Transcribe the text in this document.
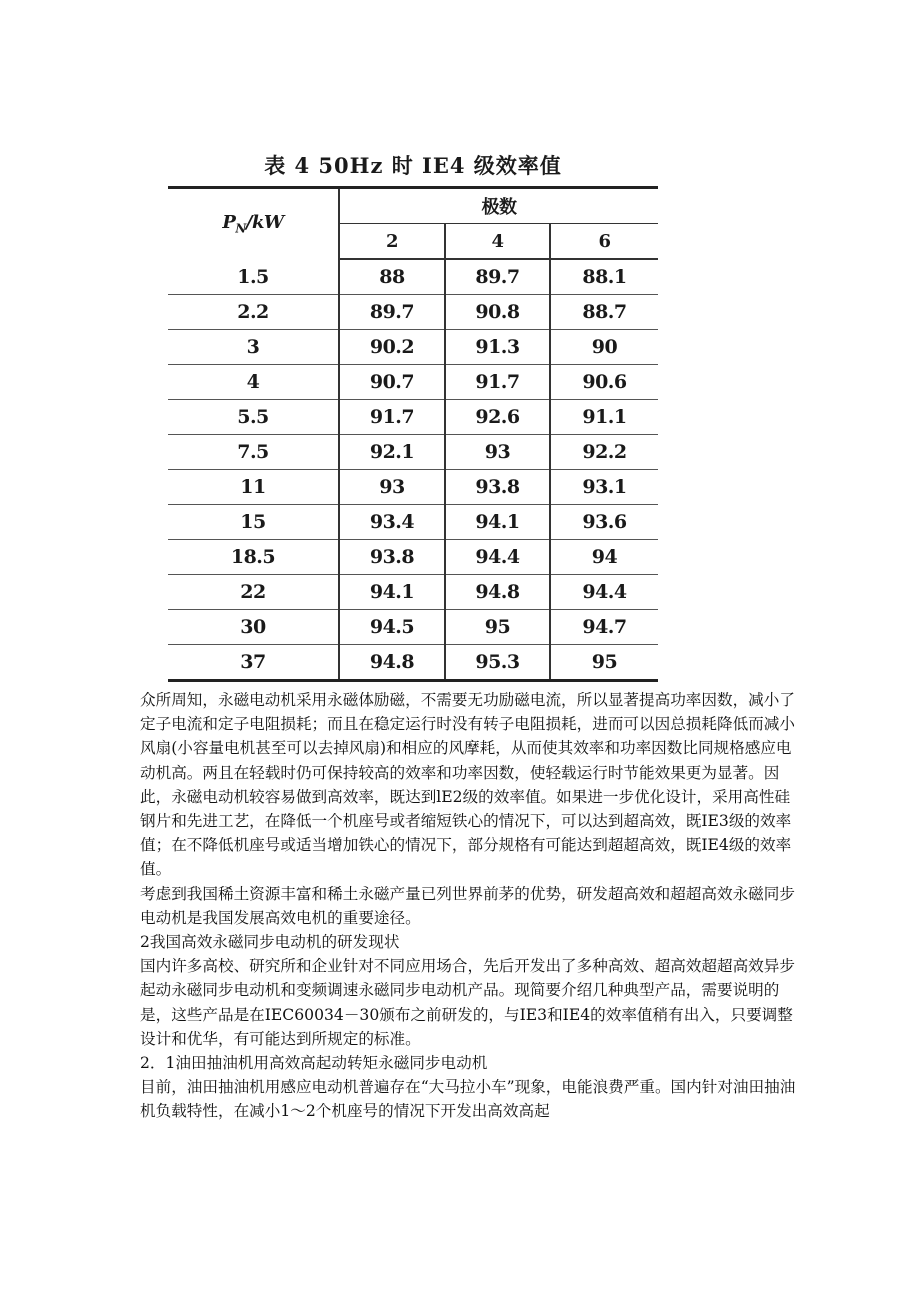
表 4 50Hz 时 IE4 级效率值
$P_N/kW$	极数		
	2	4	6
1.5	88	89.7	88.1
2.2	89.7	90.8	88.7
3	90.2	91.3	90
4	90.7	91.7	90.6
5.5	91.7	92.6	91.1
7.5	92.1	93	92.2
11	93	93.8	93.1
15	93.4	94.1	93.6
18.5	93.8	94.4	94
22	94.1	94.8	94.4
30	94.5	95	94.7
37	94.8	95.3	95

众所周知，永磁电动机采用永磁体励磁，不需要无功励磁电流，所以显著提高功率因数，减小了定子电流和定子电阻损耗；而且在稳定运行时没有转子电阻损耗，进而可以因总损耗降低而减小风扇(小容量电机甚至可以去掉风扇)和相应的风摩耗，从而使其效率和功率因数比同规格感应电动机高。两且在轻载时仍可保持较高的效率和功率因数，使轻载运行时节能效果更为显著。因此，永磁电动机较容易做到高效率，既达到lE2级的效率值。如果进一步优化设计，采用高性硅钢片和先进工艺，在降低一个机座号或者缩短铁心的情况下，可以达到超高效，既IE3级的效率值；在不降低机座号或适当增加铁心的情况下，部分规格有可能达到超超高效，既IE4级的效率值。

考虑到我国稀土资源丰富和稀土永磁产量已列世界前茅的优势，研发超高效和超超高效永磁同步电动机是我国发展高效电机的重要途径。

2我国高效永磁同步电动机的研发现状

国内许多高校、研究所和企业针对不同应用场合，先后开发出了多种高效、超高效超超高效异步起动永磁同步电动机和变频调速永磁同步电动机产品。现简要介绍几种典型产品，需要说明的是，这些产品是在IEC60034－30颁布之前研发的，与IE3和IE4的效率值稍有出入，只要调整设计和优华，有可能达到所规定的标准。

2．1油田抽油机用高效高起动转矩永磁同步电动机

目前，油田抽油机用感应电动机普遍存在“大马拉小车”现象，电能浪费严重。国内针对油田抽油机负载特性，在减小1～2个机座号的情况下开发出高效高起
